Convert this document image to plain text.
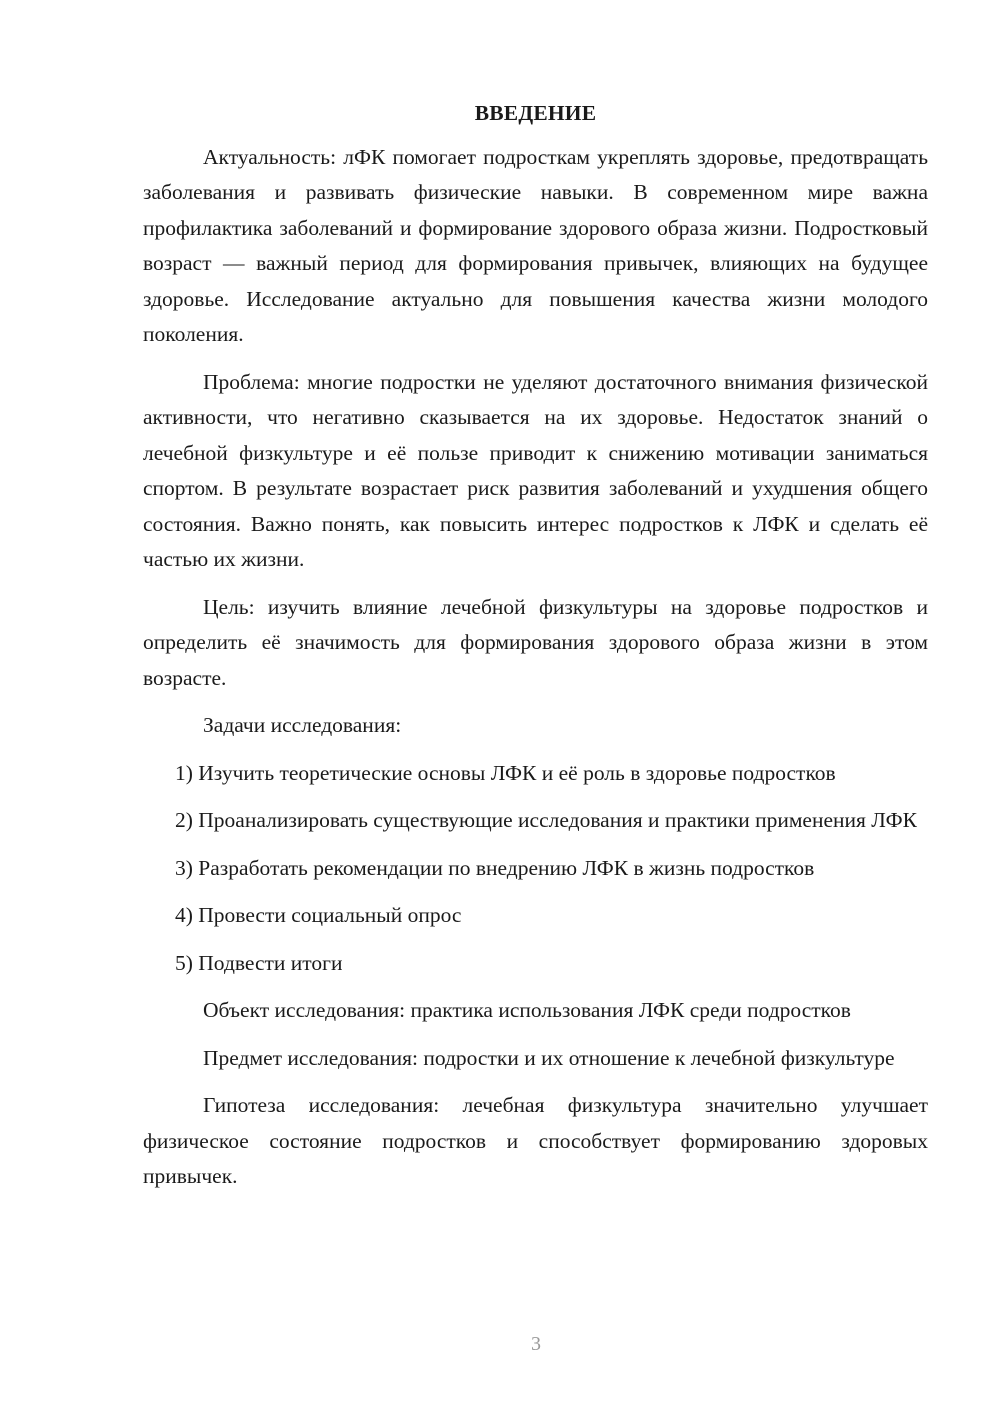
ВВЕДЕНИЕ

Актуальность: лФК помогает подросткам укреплять здоровье, предотвращать заболевания и развивать физические навыки. В современном мире важна профилактика заболеваний и формирование здорового образа жизни. Подростковый возраст — важный период для формирования привычек, влияющих на будущее здоровье. Исследование актуально для повышения качества жизни молодого поколения.

Проблема: многие подростки не уделяют достаточного внимания физической активности, что негативно сказывается на их здоровье. Недостаток знаний о лечебной физкультуре и её пользе приводит к снижению мотивации заниматься спортом. В результате возрастает риск развития заболеваний и ухудшения общего состояния. Важно понять, как повысить интерес подростков к ЛФК и сделать её частью их жизни.

Цель: изучить влияние лечебной физкультуры на здоровье подростков и определить её значимость для формирования здорового образа жизни в этом возрасте.

Задачи исследования:

1) Изучить теоретические основы ЛФК и её роль в здоровье подростков

2) Проанализировать существующие исследования и практики применения ЛФК

3) Разработать рекомендации по внедрению ЛФК в жизнь подростков

4) Провести социальный опрос

5) Подвести итоги

Объект исследования: практика использования ЛФК среди подростков

Предмет исследования: подростки и их отношение к лечебной физкультуре

Гипотеза исследования: лечебная физкультура значительно улучшает физическое состояние подростков и способствует формированию здоровых привычек.

3
